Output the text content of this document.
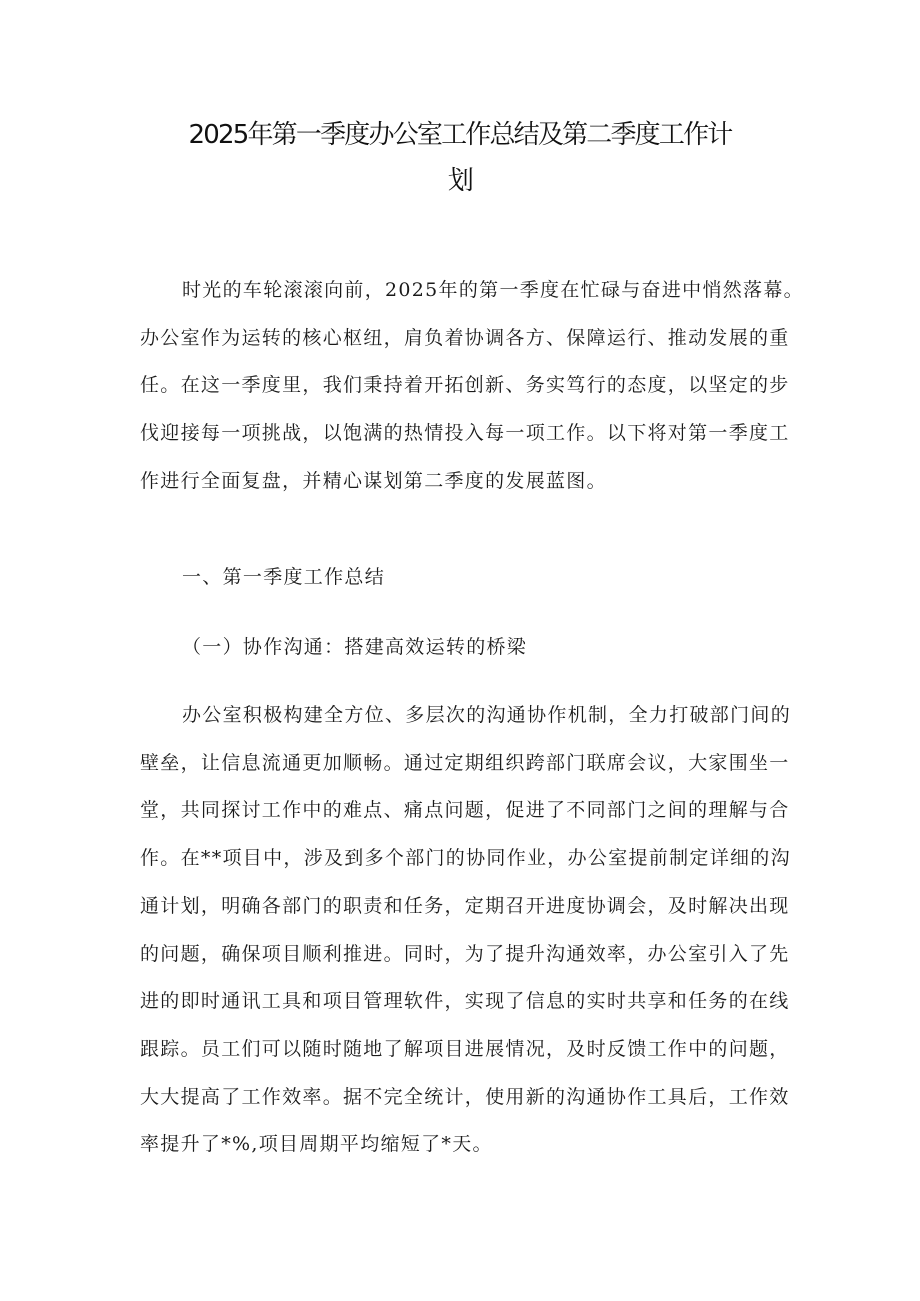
2025年第一季度办公室工作总结及第二季度工作计
划
时光的车轮滚滚向前，2025年的第一季度在忙碌与奋进中悄然落幕。
办公室作为运转的核心枢纽，肩负着协调各方、保障运行、推动发展的重
任。在这一季度里，我们秉持着开拓创新、务实笃行的态度，以坚定的步
伐迎接每一项挑战，以饱满的热情投入每一项工作。以下将对第一季度工
作进行全面复盘，并精心谋划第二季度的发展蓝图。
一、第一季度工作总结
（一）协作沟通：搭建高效运转的桥梁
办公室积极构建全方位、多层次的沟通协作机制，全力打破部门间的
壁垒，让信息流通更加顺畅。通过定期组织跨部门联席会议，大家围坐一
堂，共同探讨工作中的难点、痛点问题，促进了不同部门之间的理解与合
作。在**项目中，涉及到多个部门的协同作业，办公室提前制定详细的沟
通计划，明确各部门的职责和任务，定期召开进度协调会，及时解决出现
的问题，确保项目顺利推进。同时，为了提升沟通效率，办公室引入了先
进的即时通讯工具和项目管理软件，实现了信息的实时共享和任务的在线
跟踪。员工们可以随时随地了解项目进展情况，及时反馈工作中的问题，
大大提高了工作效率。据不完全统计，使用新的沟通协作工具后，工作效
率提升了*%,项目周期平均缩短了*天。
